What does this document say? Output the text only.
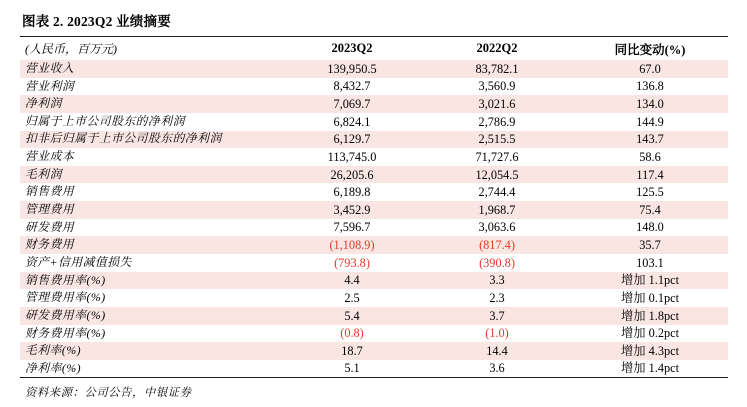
图表 2. 2023Q2 业绩摘要
(人民币，百万元)	2023Q2	2022Q2	同比变动(%)
营业收入	139,950.5	83,782.1	67.0
营业利润	8,432.7	3,560.9	136.8
净利润	7,069.7	3,021.6	134.0
归属于上市公司股东的净利润	6,824.1	2,786.9	144.9
扣非后归属于上市公司股东的净利润	6,129.7	2,515.5	143.7
营业成本	113,745.0	71,727.6	58.6
毛利润	26,205.6	12,054.5	117.4
销售费用	6,189.8	2,744.4	125.5
管理费用	3,452.9	1,968.7	75.4
研发费用	7,596.7	3,063.6	148.0
财务费用	(1,108.9)	(817.4)	35.7
资产+信用减值损失	(793.8)	(390.8)	103.1
销售费用率(%)	4.4	3.3	增加 1.1pct
管理费用率(%)	2.5	2.3	增加 0.1pct
研发费用率(%)	5.4	3.7	增加 1.8pct
财务费用率(%)	(0.8)	(1.0)	增加 0.2pct
毛利率(%)	18.7	14.4	增加 4.3pct
净利率(%)	5.1	3.6	增加 1.4pct
资料来源：公司公告，中银证券
